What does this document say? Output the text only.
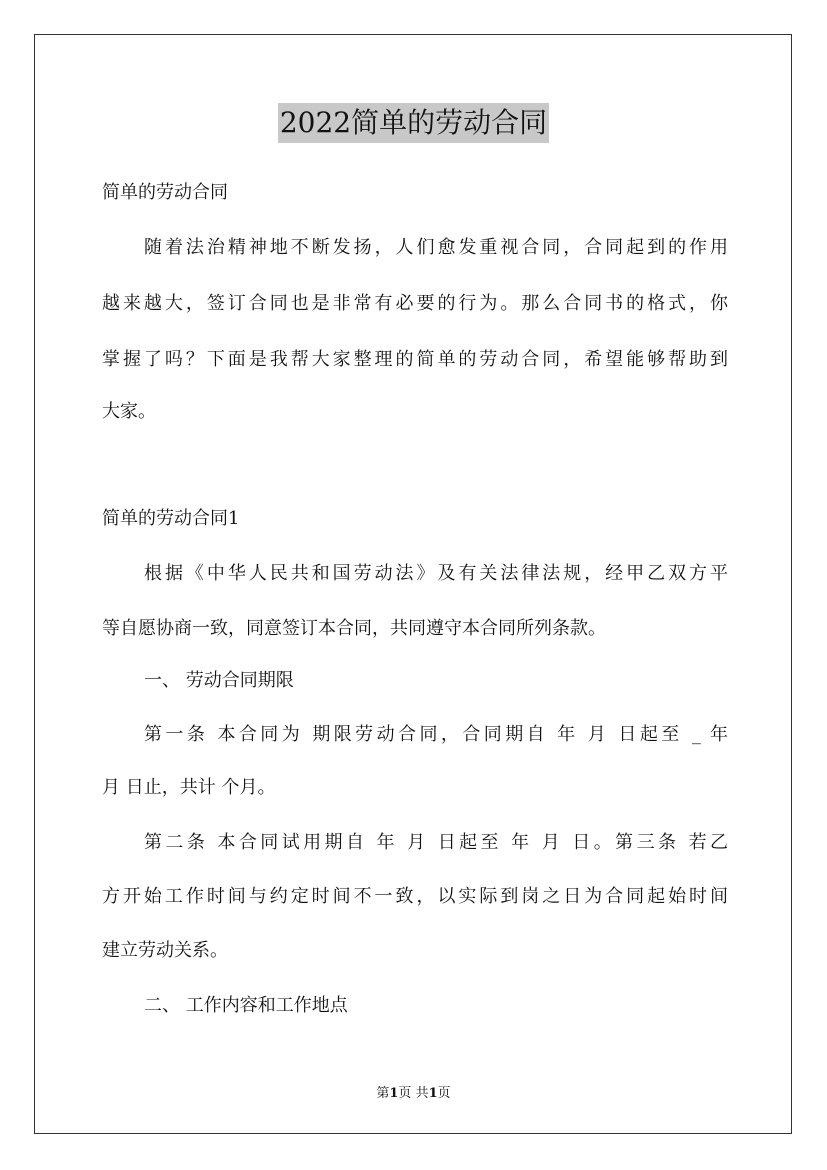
2022简单的劳动合同
简单的劳动合同
随着法治精神地不断发扬，人们愈发重视合同，合同起到的作用
越来越大，签订合同也是非常有必要的行为。那么合同书的格式，你
掌握了吗？下面是我帮大家整理的简单的劳动合同，希望能够帮助到
大家。
简单的劳动合同1
根据《中华人民共和国劳动法》及有关法律法规，经甲乙双方平
等自愿协商一致，同意签订本合同，共同遵守本合同所列条款。
一、 劳动合同期限
第一条 本合同为 期限劳动合同，合同期自 年 月 日起至 _ 年
月 日止，共计 个月。
第二条 本合同试用期自 年 月 日起至 年 月 日。第三条 若乙
方开始工作时间与约定时间不一致，以实际到岗之日为合同起始时间
建立劳动关系。
二、 工作内容和工作地点
第1页 共1页
